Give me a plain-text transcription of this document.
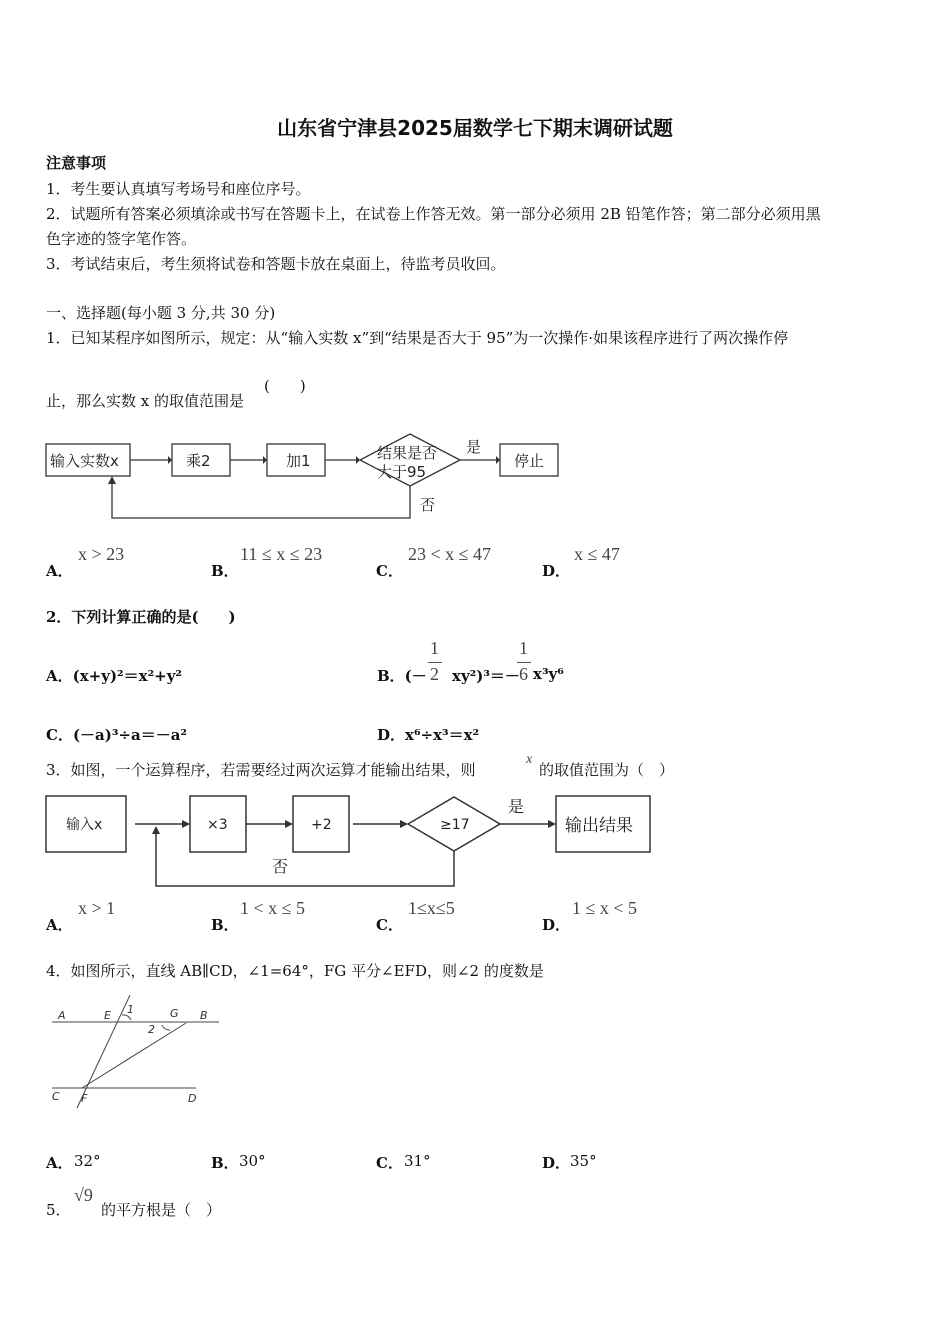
山东省宁津县2025届数学七下期末调研试题
注意事项
1．考生要认真填写考场号和座位序号。
2．试题所有答案必须填涂或书写在答题卡上，在试卷上作答无效。第一部分必须用 2B 铅笔作答；第二部分必须用黑
色字迹的签字笔作答。
3．考试结束后，考生须将试卷和答题卡放在桌面上，待监考员收回。
一、选择题(每小题 3 分,共 30 分)
1．已知某程序如图所示，规定：从“输入实数 x”到“结果是否大于 95”为一次操作·如果该程序进行了两次操作停
止，那么实数 x 的取值范围是
(　　)
输入实数x	乘2	加1	结果是否
大于95
是
否
停止
A．
x > 23
B．
11 ≤ x ≤ 23
C．
23 < x ≤ 47
D．
x ≤ 47
2．下列计算正确的是(　　)
A．(x+y)²＝x²+y²	B．(－
1
2 xy²)³＝－
1
6 x³y⁶
C．(－a)³÷a＝－a²	D．x⁶÷x³＝x²
3．如图，一个运算程序，若需要经过两次运算才能输出结果，则
x
的取值范围为（　）
输入x	×3	+2	≥17
是
否
输出结果
A．
x > 1
B．
1 < x ≤ 5
C．
1≤x≤5
D．
1 ≤ x < 5
4．如图所示，直线 AB∥CD，∠1=64°，FG 平分∠EFD，则∠2 的度数是
A	E 1	G B
2
C F	D
A． 32°	B． 30°	C． 31°	D． 35°
5．
√9
的平方根是（　）
